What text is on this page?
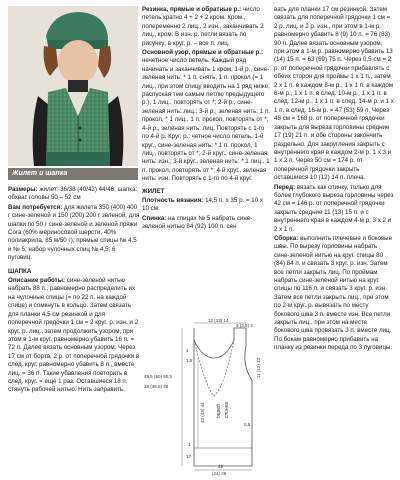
Жилет и шапка

Размеры: жилет: 36/38 (40/42) 44/46; шапка: обхват головы 50 – 52 см

Вам потребуется: для жилета 350 (400) 400 г сине-зеленой и 150 (200) 200 г зеленой, для шапки по 50 г сине-зеленой и зеленой пряжи Cora (60% мериносовой шерсти, 40% полиакрила, 85 м/50 г); прямые спицы № 4,5 и № 5; набор чулочных спиц № 4,5; 6 пуговиц.

ШАПКА

Описание работы: сине-зеленой нитью набрать 88 п., равномерно распределить их на чулочные спицы (= по 22 п. на каждой спице) и сомкнуть в кольцо. Затем связать для планки 4,5 см резинкой и для поперечной гредочки 1 см = 2 круг. р. изн. и 2 круг. р. лиц., затем продолжить узором, при этом в 1-м круг. равномерно убавить 16 п. = 72 п. Далее вязать основным узором. Через 17 см от борта, 2 р. от поперечной грядочки в след. круг. равномерно убавить 8 п., вместе лиц. = 36 п. Такие убавления повторить в след. круг. = еще 1 раз. Оставшиеся 18 п. стянуть рабочей нитью. Нить заправить.

Резинка, прямые и обратные р.: число петель кратно 4 + 2 + 2 кром. Кром., попеременно 2 лиц., 2 изн., заканчивать 2 лиц., кром. В изн. р. петли вязать по рисунку; в круг. р. – все п. лиц.

Основной узор, прямые и обратные р.: нечетное число петель. Каждый ряд начинать и заканчивать 1 кром. 1-й р., сине-зеленая нить: * 1 п. снять, 1 п. прокол (= 1 лиц., при этом спицу вводить на 1 ряд ниже, распуская тем самым петлю предыдущего р.), 1 лиц., повторять от *; 2-й р., сине-зеленая нить: лиц.; 3-й р., зеленая нить: 1 п. прокол, * 1 лиц., 1 п. прокол, повторять от *; 4-й р., зеленая нить: лиц. Повторять с 1-го по 4-й р. Круг. р.: четное число петель. 1-й круг., сине-зеленая нить: * 1 п. прокол, 1 лиц., повторять от *; 2-й круг., сине-зеленая нить: изн.; 3-й круг., зеленая нить: * 1 лиц., 1 п. прокол, повторять от *; 4-й круг., зеленая нить: изн. Повторять с 1-го по 4-й круг.

ЖИЛЕТ

Плотность вязания: 14,5 п. x 35 р. = 10 x 10 см.

Спинка: на спицах № 5 набрать сине-зеленой нитью 84 (92) 100 п. сен

вать для планки 17 см резинкой. Затем связать для поперечной грядочки 1 см = 2 р. лиц. и 2 р. изн., при этом в 1-м р. равномерно убавить 8 (9) 10 п. = 76 (83) 90 п. Далее вязать основным узором, при этом в 1-м р. равномерно убавить 13 (14) 15 п. = 63 (69) 75 п. Через 0,5 см = 2 р. от поперечной грядочки прибавлять с обеих сторон для проймы 1 x 1 п., затем 2 x 1 п. в каждом 8-м р., 1 x 1 п. в каждом 6-м р., 1 x 1 п. в след. 10-м р., 1 x 1 п. в след. 12-м р., 1 x 1 п. в след. 14-м р. и 1 x 1 п. в след. 16-м р. = 47 (53) 59 п. Через 48 см = 168 р. от поперечной грядочки закрыть для выреза горловины средние 17 (19) 21 п. и обе стороны закончить раздельно. Для закругления закрыть с внутреннего края в каждом 2-м р. 1 x 3 и 1 x 2 п. Через 50 см = 174 р. от поперечной грядочки закрыть оставшиеся 10 (12) 14 п. плеча.

Перед: вязать как спинку, только для более глубокого выреза горловины через 42 см = 146 р. от поперечной грядочки закрыть средние 11 (13) 15 п. и с внутреннего края в каждом 4-м р. 3 x 2 и 2 x 1 п.

Сборка: выполнить плечевые и боковые швы. По вырезу горловины набрать сине-зеленой нитью на круг. спицы 80 (84) 84 п. и связать 3 круг. р. изн. Затем все петли закрыть лиц. По проймам набрать сине-зеленой нитью на круг. спицы по 116 п. и связать 3 круг. р. изн. Затем все петли закрыть лиц., при этом по 2-м круг. р. вывязать по месту бокового шва 3 п. вместе изн. Все петли закрыть лиц., при этом на месте бокового шва провязать 3 п. вместе лиц. По бокам равномерно прибавить на планку из резинки переда по 3 пуговицы.

12 (13) 14
3 (3,5) 4
49,5 (50) 50,5
48 (48,5) 49
1
1,5
42 (43) 44 перед спинка
11 (12) 13
0,5
17
1
22
(24) 26
